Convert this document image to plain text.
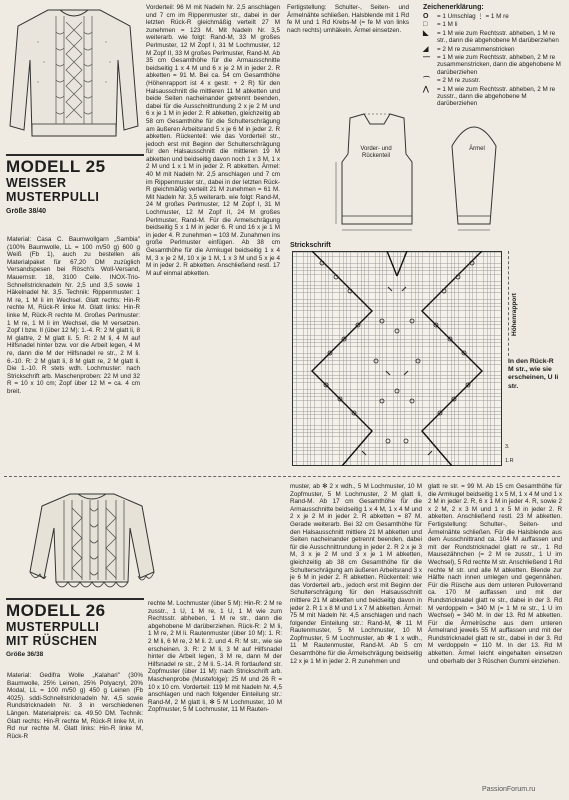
MODELL 25
WEISSER
MUSTERPULLI
Größe 38/40
Material: Casa C. Baumwollgarn „Sambia" (100% Baumwolle, LL = 100 m/50 g) 600 g Weiß (Fb 1), auch zu bestellen als Materialpaket für 67,20 DM zuzüglich Versandspesen bei Rösch's Woll-Versand, Mauernstr. 18, 3100 Celle. INOX-Trio-Schnellstricknadeln Nr. 2,5 und 3,5 sowie 1 Häkelnadel Nr. 3,5. Technik: Rippenmuster: 1 M re, 1 M li im Wechsel. Glatt rechts: Hin-R rechte M, Rück-R linke M. Glatt links: Hin-R linke M, Rück-R rechte M. Großes Perlmuster: 1 M re, 1 M li im Wechsel, die M versetzen. Zopf I bzw. II (über 12 M): 1.-4. R: 2 M glatt li, 8 M glattre, 2 M glatt li. 5. R: 2 M li, 4 M auf Hilfsnadel hinter bzw. vor die Arbeit legen, 4 M re, dann die M der Hilfsnadel re str., 2 M li. 6.-10. R: 2 M glatt li, 8 M glatt re, 2 M glatt li. Die 1.-10. R stets wdh. Lochmuster: nach Strickschrift arb. Maschenproben: 22 M und 32 R = 10 x 10 cm; Zopf über 12 M = ca. 4 cm breit.
Vorderteil: 96 M mit Nadeln Nr. 2,5 anschlagen und 7 cm im Rippenmuster str., dabei in der letzten Rück-R gleichmäßig verteilt 27 M zunehmen = 123 M. Mit Nadeln Nr. 3,5 weiterarb. wie folgt: Rand-M, 33 M großes Perlmuster, 12 M Zopf I, 31 M Lochmuster, 12 M Zopf II, 33 M großes Perlmuster, Rand-M. Ab 35 cm Gesamthöhe für die Armausschnitte beidseitig 1 x 4 M und 6 x je 2 M in jeder 2. R abketten = 91 M. Bei ca. 54 cm Gesamthöhe (Höhenrapport ist 4 x gestr. + 2 R) für den Halsausschnitt die mittleren 11 M abketten und beide Seiten nacheinander getrennt beenden, dabei für die Ausschnittrundung 2 x je 2 M und 6 x je 1 M in jeder 2. R abketten, gleichzeitig ab 58 cm Gesamthöhe für die Schulterschrägung am äußeren Arbeitsrand 5 x je 6 M in jeder 2. R abketten. Rückenteil: wie das Vorderteil str., jedoch erst mit Beginn der Schulterschrägung für den Halsausschnitt die mittleren 19 M abketten und beidseitig davon noch 1 x 3 M, 1 x 2 M und 1 x 1 M in jeder 2. R abketten. Ärmel: 40 M mit Nadeln Nr. 2,5 anschlagen und 7 cm im Rippenmuster str., dabei in der letzten Rück-R gleichmäßig verteilt 21 M zunehmen = 61 M. Mit Nadeln Nr. 3,5 weiterarb. wie folgt: Rand-M, 24 M großes Perlmuster, 12 M Zopf I, 31 M Lochmuster, 12 M Zopf II, 24 M großes Perlmuster, Rand-M. Für die Armelschrägung beidseitig 5 x 1 M in jeder 6. R und 16 x je 1 M in jeder 4. R zunehmen = 103 M. Zunahmen ins große Perlmuster einfügen. Ab 38 cm Gesamthöhe für die Armkugel beidseitig 1 x 4 M, 3 x je 2 M, 10 x je 1 M, 1 x 3 M und 5 x je 4 M in jeder 2. R abketten. Anschließend restl. 17 M auf einmal abketten.
Fertigstellung: Schulter-, Seiten- und Ärmelnähte schließen. Halsblende mit 1 Rd fe M und 1 Rd Krebs-M (= fe M von links nach rechts) umhäkeln. Ärmel einsetzen.
Zeichenerklärung:
O	= 1 Umschlag ⋮ = 1 M re
□	= 1 M li
◣	= 1 M wie zum Rechtsstr. abheben, 1 M re str., dann die abgehobene M darüberziehen
◢	= 2 M re zusammenstricken
—	= 1 M wie zum Rechtsstr. abheben, 2 M re zusammenstricken, dann die abgehobene M darüberziehen
⌒	= 2 M re zusstr.
⋀	= 1 M wie zum Rechtsstr. abheben, 2 M re zusstr., dann die abgehobene M darüberziehen
Vorder- und Rückenteil
Ärmel
Strickschrift
Höhenrapport
In den Rück-R M str., wie sie erscheinen, U li str.
3.
1.R
MODELL 26
MUSTERPULLI
MIT RÜSCHEN
Größe 36/38
Material: Gedifra Wolle „Kalahari" (30% Baumwolle, 25% Leinen, 25% Polyacryl, 20% Modal, LL = 100 m/50 g) 450 g Leinen (Fb 4025). sddi-Schnellstricknadeln Nr. 4,5 sowie Rundstricknadeln Nr. 3 in verschiedenen Längen. Materialpreis: ca. 49.50 DM. Technik: Glatt rechts: Hin-R rechte M, Rück-R linke M, in Rd nur rechte M. Glatt links: Hin-R linke M, Rück-R
rechte M. Lochmuster (über 5 M): Hin-R: 2 M re zusstr., 1 U, 1 M re, 1 U, 1 M wie zum Rechtsstr. abheben, 1 M re str., dann die abgehobene M darüberziehen. Rück-R: 2 M li, 1 M re, 2 M li. Rautenmuster (über 10 M): 1. R: 2 M li, 6 M re, 2 M li. 2. und 4. R: M str., wie sie erscheinen. 3. R: 2 M li, 3 M auf Hilfsnadel hinter die Arbeit legen, 3 M re, dann M der Hilfsnadel re str., 2 M li. 5.-14. R fortlaufend str. Zopfmuster (über 11 M): nach Strickschrift arb. Maschenprobe (Mustefolge): 25 M und 26 R = 10 x 10 cm. Vorderteil: 119 M mit Nadeln Nr. 4,5 anschlagen und nach folgender Einteilung str.: Rand-M, 2 M glatt li, ✻ 5 M Lochmuster, 10 M Zopfmuster, 5 M Lochmuster, 11 M Rauten-
muster, ab ✻ 2 x wdh., 5 M Lochmuster, 10 M Zopfmuster, 5 M Lochmuster, 2 M glatt li, Rand-M. Ab 17 cm Gesamthöhe für die Armausschnitte beidseitig 1 x 4 M, 1 x 4 M und 2 x je 2 M in jeder 2. R abketten = 87 M. Gerade weiterarb. Bei 32 cm Gesamthöhe für den Halsausschnitt mittlere 21 M abketten und Seiten nacheinander getrennt beenden, dabei für die Ausschnittrundung in jeder 2. R 2 x je 3 M, 3 x je 2 M und 3 x je 1 M abketten, gleichzeitig ab 38 cm Gesamthöhe für die Schulterschrägung am äußeren Arbeitsrand 3 x je 6 M in jeder 2. R abketten. Rückenteil: wie das Vorderteil arb., jedoch erst mit Beginn der Schulterschrägung für den Halsausschnitt mittlere 21 M abketten und beidseitig davon in jeder 2. R 1 x 8 M und 1 x 7 M abketten. Ärmel: 75 M mit Nadeln Nr. 4,5 anschlagen und nach folgender Einteilung str.: Rand-M, ✻ 11 M Rautenmuster, 5 M Lochmuster, 10 M Zopfmuster, 5 M Lochmuster, ab ✻ 1 x wdh., 11 M Rautenmuster, Rand-M. Ab 5 cm Gesamthöhe für die Ärmelschrägung beidseitig 12 x je 1 M in jeder 2. R zunehmen und
glatt re str. = 99 M. Ab 15 cm Gesamthöhe für die Armkugel beidseitig 1 x 5 M, 1 x 4 M und 1 x 2 M in jeder 2. R, 6 x 1 M in jeder 4. R, sowie 2 x 2 M, 2 x 3 M und 1 x 5 M in jeder 2. R abketten. Anschließend restl. 23 M abketten. Fertigstellung: Schulter-, Seiten- und Ärmelnähte schließen. Für die Halsblende aus dem Ausschnittrand ca. 104 M auffassen und mit der Rundstricknadel glatt re str., 1 Rd Mausezähnchen (= 2 M re zusstr., 1 U im Wechsel), 5 Rd rechte M str. Anschließend 1 Rd rechte M str. und alle M abketten. Blende zur Hälfte nach innen umlegen und gegennähen. Für die Rüsche aus dem unteren Pulloverrand ca. 170 M auffassen und mit der Rundstricknadel glatt re str., dabei in der 3. Rd M verdoppeln = 340 M (= 1 M re str., 1 U im Wechsel) = 340 M. In der 13. Rd M abketten. Für die Ärmelrüsche aus dem unteren Ärmelrand jeweils 55 M auffassen und mit der Rundstricknadel glatt re str., dabei in der 3. Rd M verdoppeln = 110 M. In der 13. Rd M abketten. Ärmel leicht eingehalten einsetzen und oberhalb der 3 Rüschen Gummi einziehen.
PassionForum.ru
